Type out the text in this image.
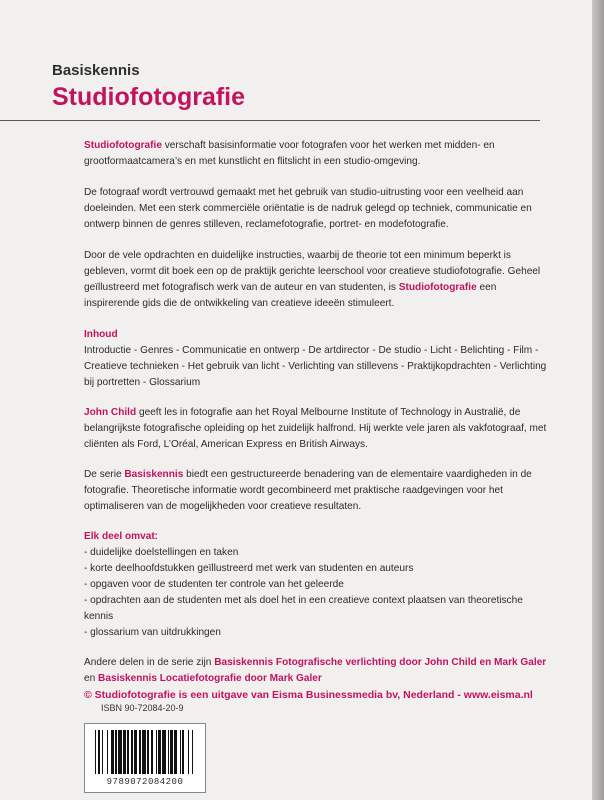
Basiskennis
Studiofotografie

Studiofotografie verschaft basisinformatie voor fotografen voor het werken met midden- en grootformaatcamera’s en met kunstlicht en flitslicht in een studio-omgeving.

De fotograaf wordt vertrouwd gemaakt met het gebruik van studio-uitrusting voor een veelheid aan doeleinden. Met een sterk commerciële oriëntatie is de nadruk gelegd op techniek, communicatie en ontwerp binnen de genres stilleven, reclamefotografie, portret- en modefotografie.

Door de vele opdrachten en duidelijke instructies, waarbij de theorie tot een minimum beperkt is gebleven, vormt dit boek een op de praktijk gerichte leerschool voor creatieve studiofotografie. Geheel geïllustreerd met fotografisch werk van de auteur en van studenten, is Studiofotografie een inspirerende gids die de ontwikkeling van creatieve ideeën stimuleert.

Inhoud

Introductie - Genres - Communicatie en ontwerp - De artdirector - De studio - Licht - Belichting - Film - Creatieve technieken - Het gebruik van licht - Verlichting van stillevens - Praktijkopdrachten - Verlichting bij portretten - Glossarium

John Child geeft les in fotografie aan het Royal Melbourne Institute of Technology in Australië, de belangrijkste fotografische opleiding op het zuidelijk halfrond. Hij werkte vele jaren als vakfotograaf, met cliënten als Ford, L’Oréal, American Express en British Airways.

De serie Basiskennis biedt een gestructureerde benadering van de elementaire vaardigheden in de fotografie. Theoretische informatie wordt gecombineerd met praktische raadgevingen voor het optimaliseren van de mogelijkheden voor creatieve resultaten.

Elk deel omvat:

- duidelijke doelstellingen en taken
- korte deelhoofdstukken geïllustreerd met werk van studenten en auteurs
- opgaven voor de studenten ter controle van het geleerde
- opdrachten aan de studenten met als doel het in een creatieve context plaatsen van theoretische kennis
- glossarium van uitdrukkingen

Andere delen in de serie zijn Basiskennis Fotografische verlichting door John Child en Mark Galer en Basiskennis Locatiefotografie door Mark Galer

© Studiofotografie is een uitgave van Eisma Businessmedia bv, Nederland - www.eisma.nl

ISBN 90-72084-20-9
9789072084200
